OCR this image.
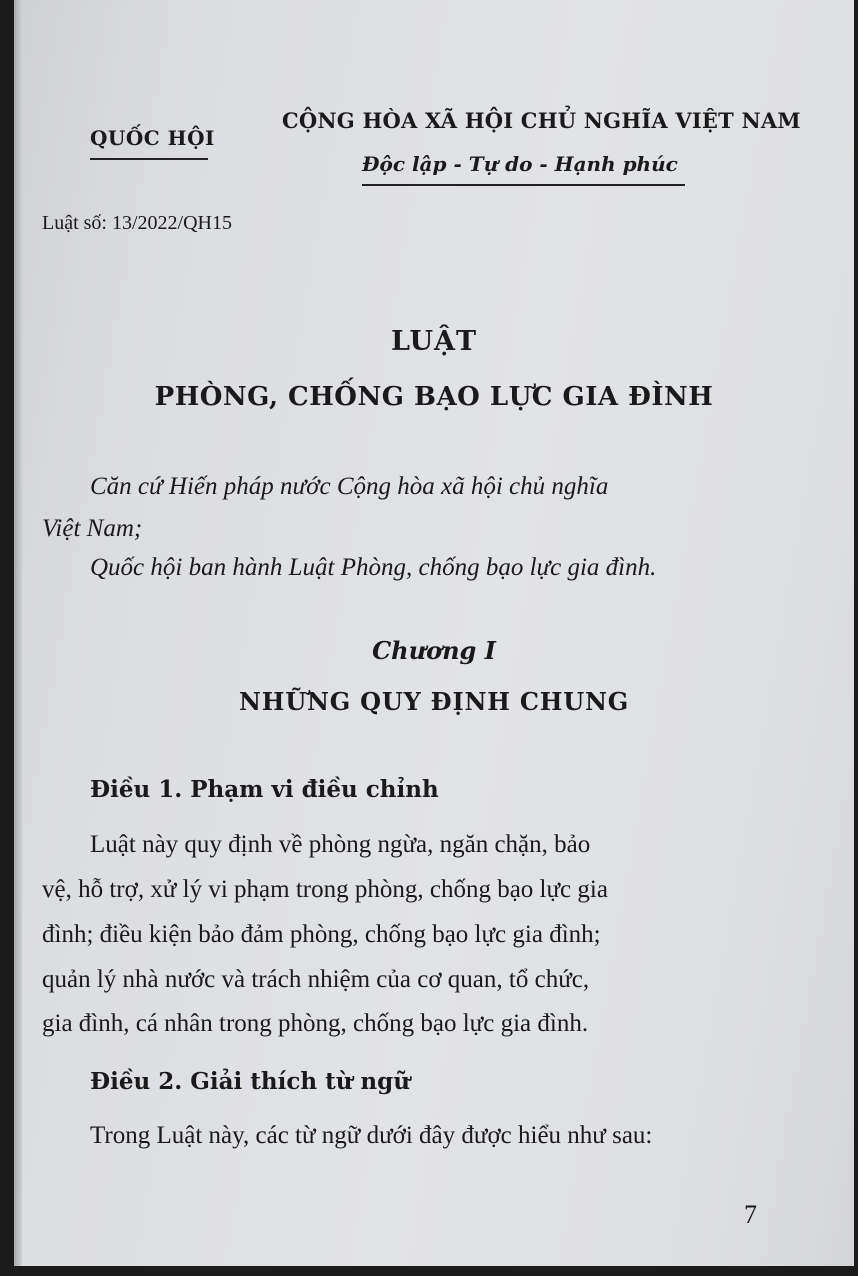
QUỐC HỘI
CỘNG HÒA XÃ HỘI CHỦ NGHĨA VIỆT NAM
Độc lập - Tự do - Hạnh phúc
Luật số: 13/2022/QH15
LUẬT
PHÒNG, CHỐNG BẠO LỰC GIA ĐÌNH
Căn cứ Hiến pháp nước Cộng hòa xã hội chủ nghĩa
Việt Nam;
Quốc hội ban hành Luật Phòng, chống bạo lực gia đình.
Chương I
NHỮNG QUY ĐỊNH CHUNG
Điều 1. Phạm vi điều chỉnh
Luật này quy định về phòng ngừa, ngăn chặn, bảo
vệ, hỗ trợ, xử lý vi phạm trong phòng, chống bạo lực gia
đình; điều kiện bảo đảm phòng, chống bạo lực gia đình;
quản lý nhà nước và trách nhiệm của cơ quan, tổ chức,
gia đình, cá nhân trong phòng, chống bạo lực gia đình.
Điều 2. Giải thích từ ngữ
Trong Luật này, các từ ngữ dưới đây được hiểu như sau:
7
